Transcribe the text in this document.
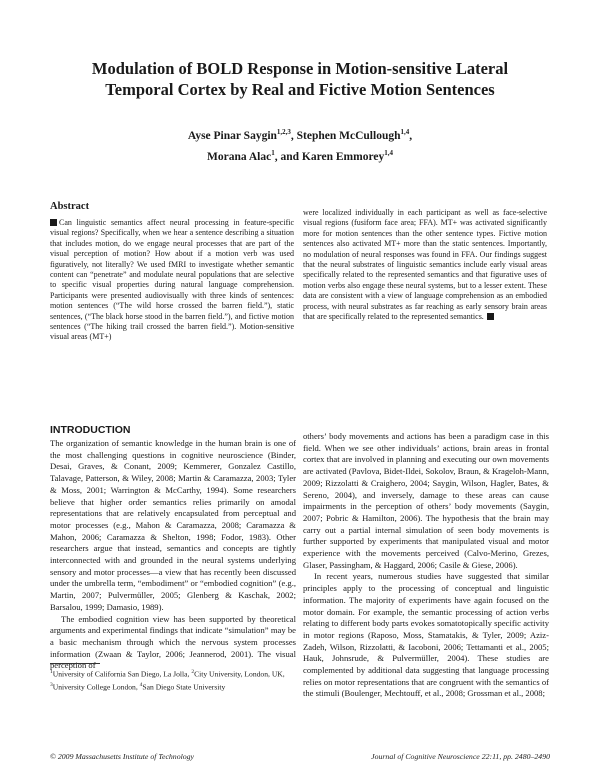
Modulation of BOLD Response in Motion-sensitive Lateral
Temporal Cortex by Real and Fictive Motion Sentences
Ayse Pinar Saygin$^{1,2,3}$, Stephen McCullough$^{1,4}$,
Morana Alac$^1$, and Karen Emmorey$^{1,4}$
Abstract
Can linguistic semantics affect neural processing in feature-specific visual regions? Specifically, when we hear a sentence describing a situation that includes motion, do we engage neural processes that are part of the visual perception of motion? How about if a motion verb was used figuratively, not literally? We used fMRI to investigate whether semantic content can “penetrate” and modulate neural populations that are selective to specific visual properties during natural language comprehension. Participants were presented audiovisually with three kinds of sentences: motion sentences (“The wild horse crossed the barren field.”), static sentences, (“The black horse stood in the barren field.”), and fictive motion sentences (“The hiking trail crossed the barren field.”). Motion-sensitive visual areas (MT+)
were localized individually in each participant as well as face-selective visual regions (fusiform face area; FFA). MT+ was activated significantly more for motion sentences than the other sentence types. Fictive motion sentences also activated MT+ more than the static sentences. Importantly, no modulation of neural responses was found in FFA. Our findings suggest that the neural substrates of linguistic semantics include early visual areas specifically related to the represented semantics and that figurative uses of motion verbs also engage these neural systems, but to a lesser extent. These data are consistent with a view of language comprehension as an embodied process, with neural substrates as far reaching as early sensory brain areas that are specifically related to the represented semantics.
INTRODUCTION

The organization of semantic knowledge in the human brain is one of the most challenging questions in cognitive neuroscience (Binder, Desai, Graves, & Conant, 2009; Kemmerer, Gonzalez Castillo, Talavage, Patterson, & Wiley, 2008; Martin & Caramazza, 2003; Tyler & Moss, 2001; Warrington & McCarthy, 1994). Some researchers believe that higher order semantics relies primarily on amodal representations that are relatively encapsulated from perceptual and motor processes (e.g., Mahon & Caramazza, 2008; Caramazza & Mahon, 2006; Caramazza & Shelton, 1998; Fodor, 1983). Other researchers argue that instead, semantics and concepts are tightly interconnected with and grounded in the neural systems underlying sensory and motor processes—a view that has recently been discussed under the umbrella term, “embodiment” or “embodied cognition” (e.g., Martin, 2007; Pulvermüller, 2005; Glenberg & Kaschak, 2002; Barsalou, 1999; Damasio, 1989).

The embodied cognition view has been supported by theoretical arguments and experimental findings that indicate “simulation” may be a basic mechanism through which the nervous system processes information (Zwaan & Taylor, 2006; Jeannerod, 2001). The visual perception of

others’ body movements and actions has been a paradigm case in this field. When we see other individuals’ actions, brain areas in frontal cortex that are involved in planning and executing our own movements are activated (Pavlova, Bidet-Ildei, Sokolov, Braun, & Krageloh-Mann, 2009; Rizzolatti & Craighero, 2004; Saygin, Wilson, Hagler, Bates, & Sereno, 2004), and inversely, damage to these areas can cause impairments in the perception of others’ body movements (Saygin, 2007; Pobric & Hamilton, 2006). The hypothesis that the brain may carry out a partial internal simulation of seen body movements is further supported by experiments that manipulated visual and motor experience with the movements perceived (Calvo-Merino, Grezes, Glaser, Passingham, & Haggard, 2006; Casile & Giese, 2006).

In recent years, numerous studies have suggested that similar principles apply to the processing of conceptual and linguistic information. The majority of experiments have again focused on the motor domain. For example, the semantic processing of action verbs relating to different body parts evokes somatotopically specific activity in motor regions (Raposo, Moss, Stamatakis, & Tyler, 2009; Aziz-Zadeh, Wilson, Rizzolatti, & Iacoboni, 2006; Tettamanti et al., 2005; Hauk, Johnsrude, & Pulvermüller, 2004). These studies are complemented by additional data suggesting that language processing relies on motor representations that are congruent with the semantics of the stimuli (Boulenger, Mechtouff, et al., 2008; Grossman et al., 2008;

$^1$University of California San Diego, La Jolla, $^2$City University, London, UK, $^3$University College London, $^4$San Diego State University
© 2009 Massachusetts Institute of Technology	Journal of Cognitive Neuroscience 22:11, pp. 2480–2490
